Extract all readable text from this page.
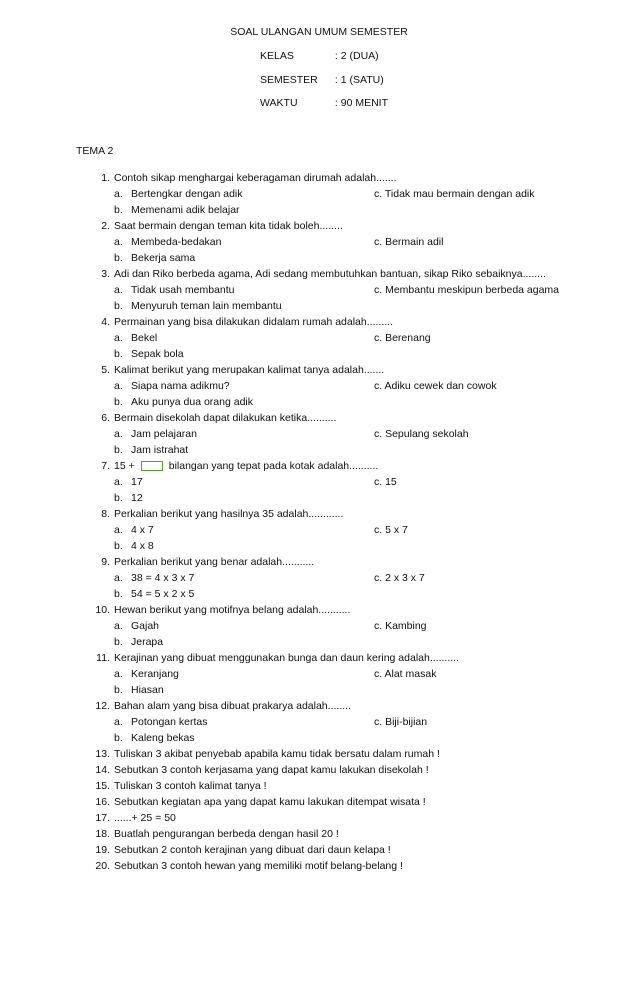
SOAL ULANGAN UMUM SEMESTER
KELAS	: 2 (DUA)
SEMESTER : 1 (SATU)
WAKTU	: 90 MENIT
TEMA 2
1. Contoh sikap menghargai keberagaman dirumah adalah.......
a. Bertengkar dengan adik	c. Tidak mau bermain dengan adik
b. Memenami adik belajar
2. Saat bermain dengan teman kita tidak boleh........
a. Membeda-bedakan	c. Bermain adil
b. Bekerja sama
3. Adi dan Riko berbeda agama, Adi sedang membutuhkan bantuan, sikap Riko sebaiknya........
a. Tidak usah membantu	c. Membantu meskipun berbeda agama
b. Menyuruh teman lain membantu
4. Permainan yang bisa dilakukan didalam rumah adalah.........
a. Bekel	c. Berenang
b. Sepak bola
5. Kalimat berikut yang merupakan kalimat tanya adalah.......
a. Siapa nama adikmu?	c. Adiku cewek dan cowok
b. Aku punya dua orang adik
6. Bermain disekolah dapat dilakukan ketika..........
a. Jam pelajaran	c. Sepulang sekolah
b. Jam istrahat
7. 15 +	bilangan yang tepat pada kotak adalah..........
a. 17	c. 15
b. 12
8. Perkalian berikut yang hasilnya 35 adalah............
a. 4 x 7	c. 5 x 7
b. 4 x 8
9. Perkalian berikut yang benar adalah...........
a. 38 = 4 x 3 x 7	c. 2 x 3 x 7
b. 54 = 5 x 2 x 5
10. Hewan berikut yang motifnya belang adalah...........
a. Gajah	c. Kambing
b. Jerapa
11. Kerajinan yang dibuat menggunakan bunga dan daun kering adalah..........
a. Keranjang	c. Alat masak
b. Hiasan
12. Bahan alam yang bisa dibuat prakarya adalah........
a. Potongan kertas	c. Biji-bijian
b. Kaleng bekas
13. Tuliskan 3 akibat penyebab apabila kamu tidak bersatu dalam rumah !
14. Sebutkan 3 contoh kerjasama yang dapat kamu lakukan disekolah !
15. Tuliskan 3 contoh kalimat tanya !
16. Sebutkan kegiatan apa yang dapat kamu lakukan ditempat wisata !
17. ......+ 25 = 50
18. Buatlah pengurangan berbeda dengan hasil 20 !
19. Sebutkan 2 contoh kerajinan yang dibuat dari daun kelapa !
20. Sebutkan 3 contoh hewan yang memiliki motif belang-belang !
